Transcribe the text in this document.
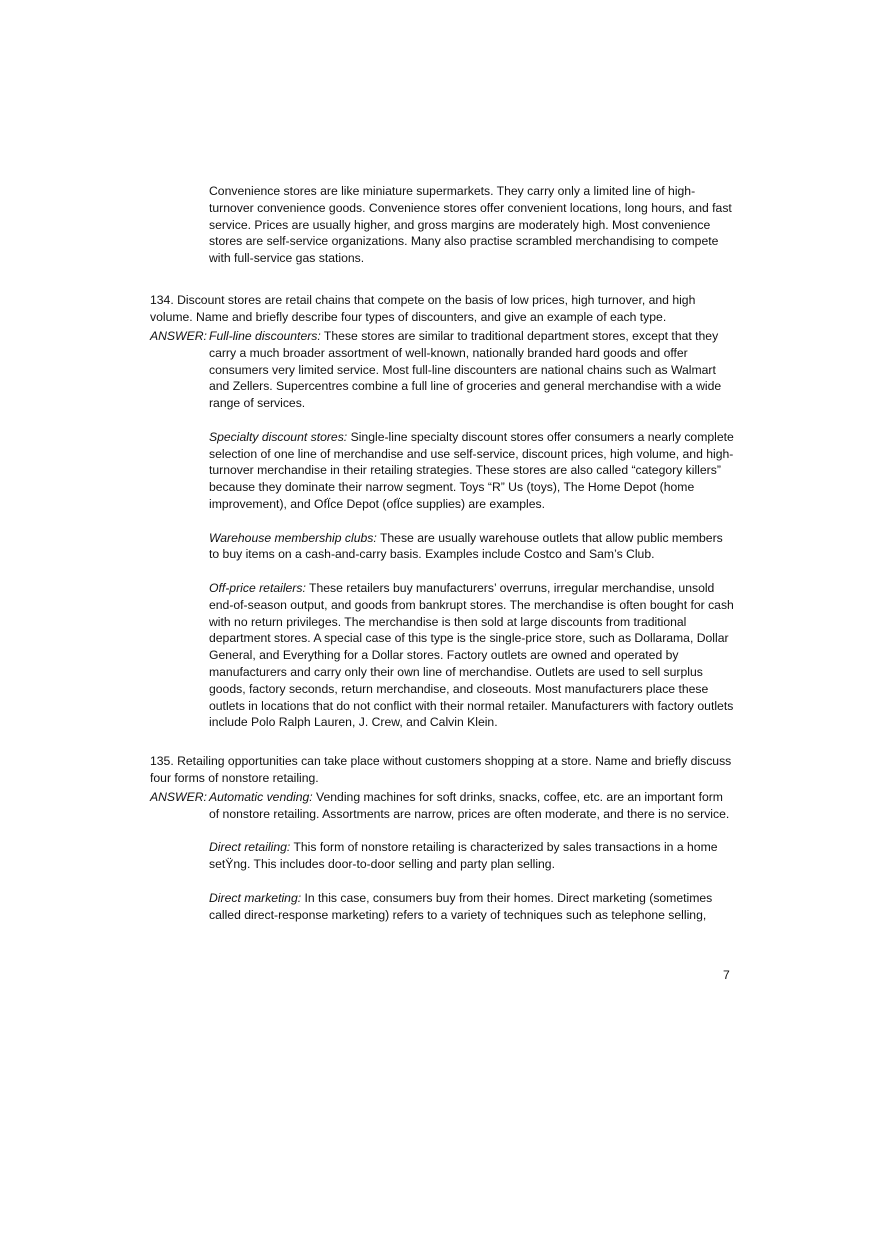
Convenience stores are like miniature supermarkets. They carry only a limited line of high-turnover convenience goods. Convenience stores offer convenient locations, long hours, and fast service. Prices are usually higher, and gross margins are moderately high. Most convenience stores are self-service organizations. Many also practise scrambled merchandising to compete with full-service gas stations.

134. Discount stores are retail chains that compete on the basis of low prices, high turnover, and high volume. Name and briefly describe four types of discounters, and give an example of each type.
ANSWER: Full-line discounters: These stores are similar to traditional department stores, except that they carry a much broader assortment of well-known, nationally branded hard goods and offer consumers very limited service. Most full-line discounters are national chains such as Walmart and Zellers. Supercentres combine a full line of groceries and general merchandise with a wide range of services.

Specialty discount stores: Single-line specialty discount stores offer consumers a nearly complete selection of one line of merchandise and use self-service, discount prices, high volume, and high-turnover merchandise in their retailing strategies. These stores are also called “category killers” because they dominate their narrow segment. Toys “R” Us (toys), The Home Depot (home improvement), and OfÏce Depot (ofÏce supplies) are examples.

Warehouse membership clubs: These are usually warehouse outlets that allow public members to buy items on a cash-and-carry basis. Examples include Costco and Sam’s Club.

Off-price retailers: These retailers buy manufacturers’ overruns, irregular merchandise, unsold end-of-season output, and goods from bankrupt stores. The merchandise is often bought for cash with no return privileges. The merchandise is then sold at large discounts from traditional department stores. A special case of this type is the single-price store, such as Dollarama, Dollar General, and Everything for a Dollar stores. Factory outlets are owned and operated by manufacturers and carry only their own line of merchandise. Outlets are used to sell surplus goods, factory seconds, return merchandise, and closeouts. Most manufacturers place these outlets in locations that do not conflict with their normal retailer. Manufacturers with factory outlets include Polo Ralph Lauren, J. Crew, and Calvin Klein.

135. Retailing opportunities can take place without customers shopping at a store. Name and briefly discuss four forms of nonstore retailing.
ANSWER: Automatic vending: Vending machines for soft drinks, snacks, coffee, etc. are an important form of nonstore retailing. Assortments are narrow, prices are often moderate, and there is no service.

Direct retailing: This form of nonstore retailing is characterized by sales transactions in a home setŸng. This includes door-to-door selling and party plan selling.

Direct marketing: In this case, consumers buy from their homes. Direct marketing (sometimes called direct-response marketing) refers to a variety of techniques such as telephone selling,

7
